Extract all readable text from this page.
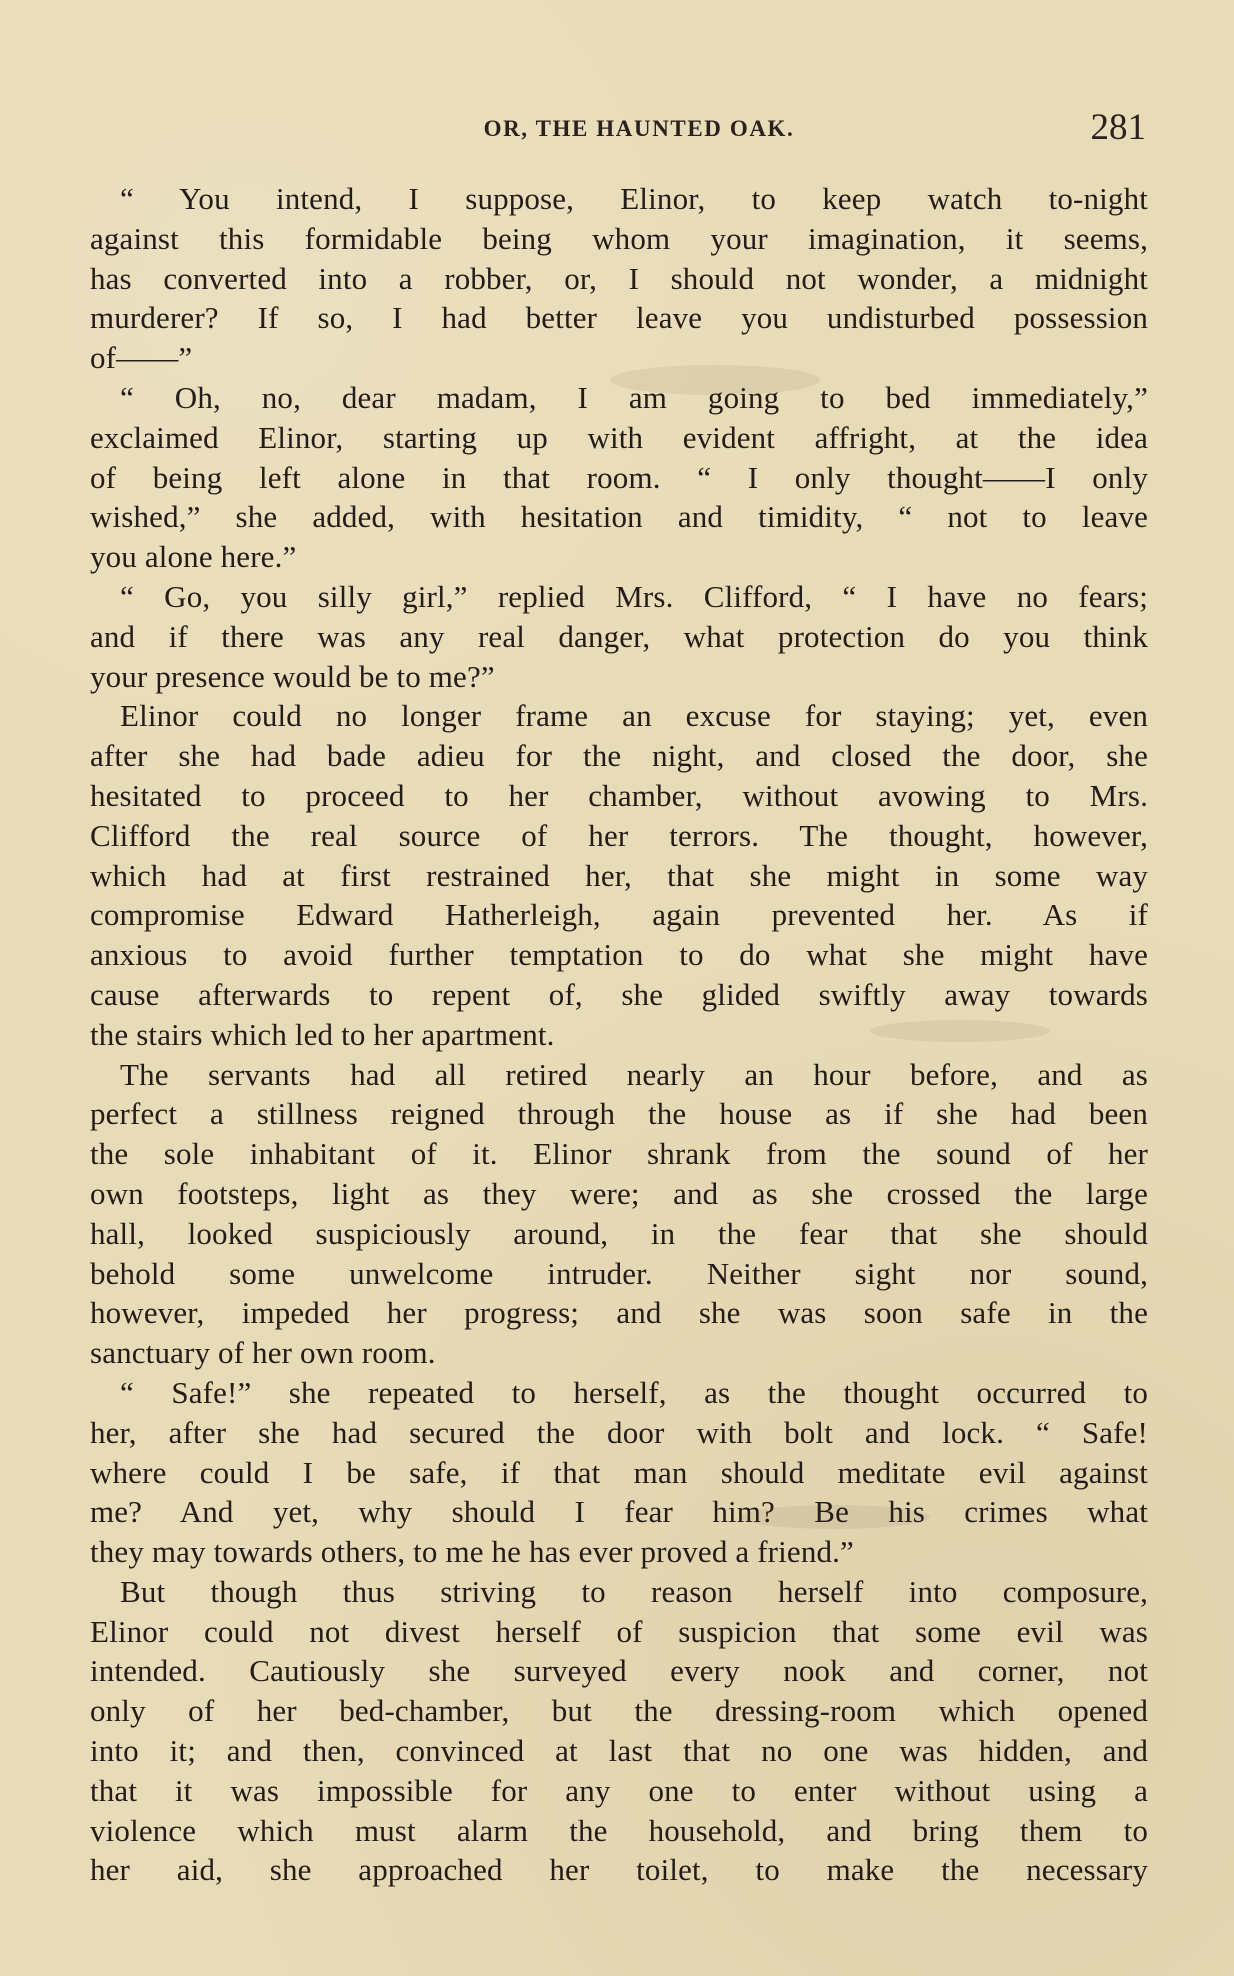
OR, THE HAUNTED OAK.	281
“ You intend, I suppose, Elinor, to keep watch to-night
against this formidable being whom your imagination, it seems,
has converted into a robber, or, I should not wonder, a midnight
murderer? If so, I had better leave you undisturbed possession
of——”
“ Oh, no, dear madam, I am going to bed immediately,”
exclaimed Elinor, starting up with evident affright, at the idea
of being left alone in that room. “ I only thought——I only
wished,” she added, with hesitation and timidity, “ not to leave
you alone here.”
“ Go, you silly girl,” replied Mrs. Clifford, “ I have no fears;
and if there was any real danger, what protection do you think
your presence would be to me?”
Elinor could no longer frame an excuse for staying; yet, even
after she had bade adieu for the night, and closed the door, she
hesitated to proceed to her chamber, without avowing to Mrs.
Clifford the real source of her terrors. The thought, however,
which had at first restrained her, that she might in some way
compromise Edward Hatherleigh, again prevented her. As if
anxious to avoid further temptation to do what she might have
cause afterwards to repent of, she glided swiftly away towards
the stairs which led to her apartment.
The servants had all retired nearly an hour before, and as
perfect a stillness reigned through the house as if she had been
the sole inhabitant of it. Elinor shrank from the sound of her
own footsteps, light as they were; and as she crossed the large
hall, looked suspiciously around, in the fear that she should
behold some unwelcome intruder. Neither sight nor sound,
however, impeded her progress; and she was soon safe in the
sanctuary of her own room.
“ Safe!” she repeated to herself, as the thought occurred to
her, after she had secured the door with bolt and lock. “ Safe!
where could I be safe, if that man should meditate evil against
me? And yet, why should I fear him? Be his crimes what
they may towards others, to me he has ever proved a friend.”
But though thus striving to reason herself into composure,
Elinor could not divest herself of suspicion that some evil was
intended. Cautiously she surveyed every nook and corner, not
only of her bed-chamber, but the dressing-room which opened
into it; and then, convinced at last that no one was hidden, and
that it was impossible for any one to enter without using a
violence which must alarm the household, and bring them to
her aid, she approached her toilet, to make the necessary
